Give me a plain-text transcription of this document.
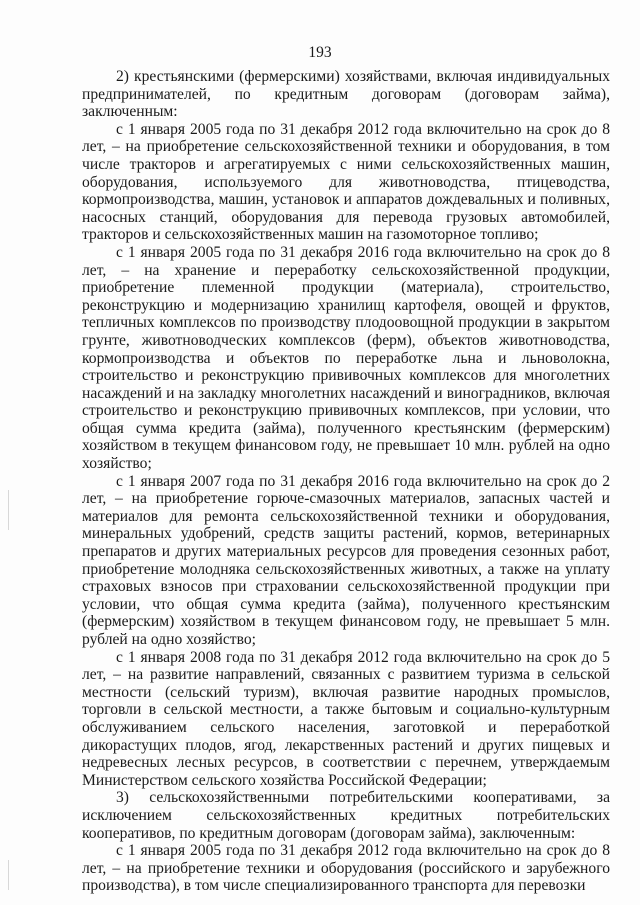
193

2) крестьянскими (фермерскими) хозяйствами, включая индивидуальных предпринимателей, по кредитным договорам (договорам займа), заключенным:

с 1 января 2005 года по 31 декабря 2012 года включительно на срок до 8 лет, – на приобретение сельскохозяйственной техники и оборудования, в том числе тракторов и агрегатируемых с ними сельскохозяйственных машин, оборудования, используемого для животноводства, птицеводства, кормопроизводства, машин, установок и аппаратов дождевальных и поливных, насосных станций, оборудования для перевода грузовых автомобилей, тракторов и сельскохозяйственных машин на газомоторное топливо;

с 1 января 2005 года по 31 декабря 2016 года включительно на срок до 8 лет, – на хранение и переработку сельскохозяйственной продукции, приобретение племенной продукции (материала), строительство, реконструкцию и модернизацию хранилищ картофеля, овощей и фруктов, тепличных комплексов по производству плодоовощной продукции в закрытом грунте, животноводческих комплексов (ферм), объектов животноводства, кормопроизводства и объектов по переработке льна и льноволокна, строительство и реконструкцию прививочных комплексов для многолетних насаждений и на закладку многолетних насаждений и виноградников, включая строительство и реконструкцию прививочных комплексов, при условии, что общая сумма кредита (займа), полученного крестьянским (фермерским) хозяйством в текущем финансовом году, не превышает 10 млн. рублей на одно хозяйство;

с 1 января 2007 года по 31 декабря 2016 года включительно на срок до 2 лет, – на приобретение горюче-смазочных материалов, запасных частей и материалов для ремонта сельскохозяйственной техники и оборудования, минеральных удобрений, средств защиты растений, кормов, ветеринарных препаратов и других материальных ресурсов для проведения сезонных работ, приобретение молодняка сельскохозяйственных животных, а также на уплату страховых взносов при страховании сельскохозяйственной продукции при условии, что общая сумма кредита (займа), полученного крестьянским (фермерским) хозяйством в текущем финансовом году, не превышает 5 млн. рублей на одно хозяйство;

с 1 января 2008 года по 31 декабря 2012 года включительно на срок до 5 лет, – на развитие направлений, связанных с развитием туризма в сельской местности (сельский туризм), включая развитие народных промыслов, торговли в сельской местности, а также бытовым и социально-культурным обслуживанием сельского населения, заготовкой и переработкой дикорастущих плодов, ягод, лекарственных растений и других пищевых и недревесных лесных ресурсов, в соответствии с перечнем, утверждаемым Министерством сельского хозяйства Российской Федерации;

3) сельскохозяйственными потребительскими кооперативами, за исключением сельскохозяйственных кредитных потребительских кооперативов, по кредитным договорам (договорам займа), заключенным:

с 1 января 2005 года по 31 декабря 2012 года включительно на срок до 8 лет, – на приобретение техники и оборудования (российского и зарубежного производства), в том числе специализированного транспорта для перевозки
